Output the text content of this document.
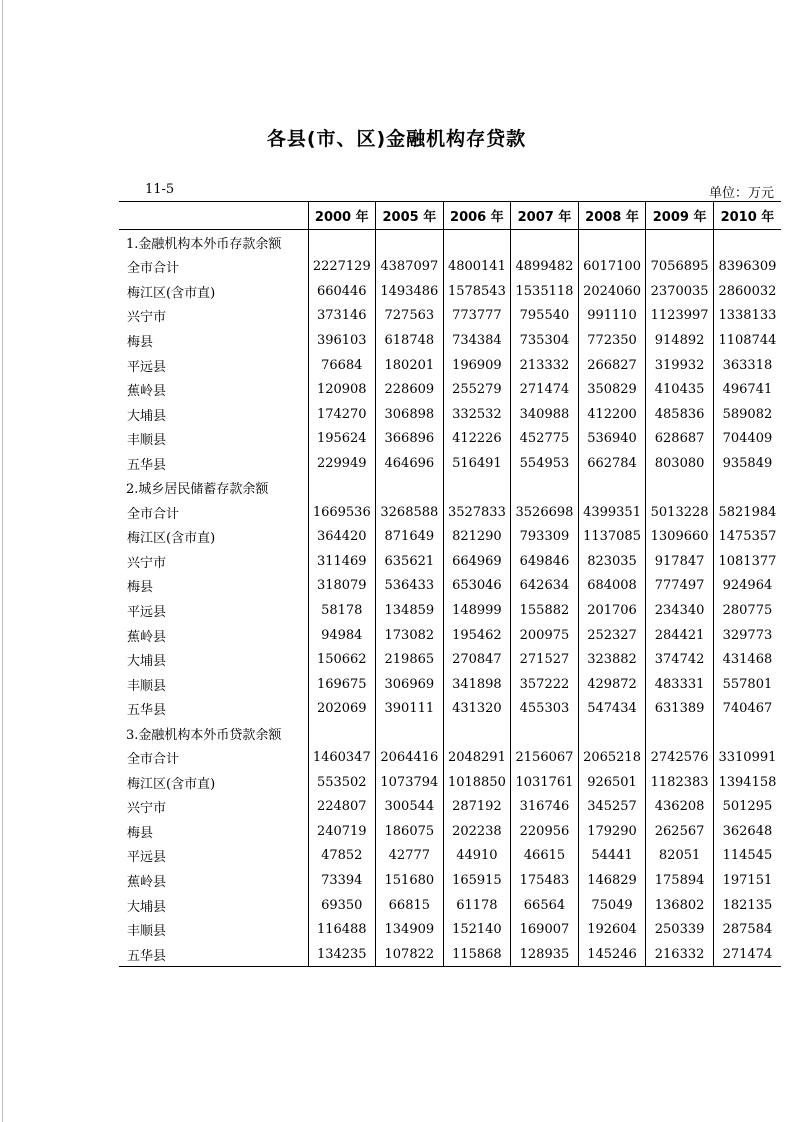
各县(市、区)金融机构存贷款
11-5	单位：万元
	2000 年	2005 年	2006 年	2007 年	2008 年	2009 年	2010 年
1.金融机构本外币存款余额							
全市合计	2227129	4387097	4800141	4899482	6017100	7056895	8396309
梅江区(含市直)	660446	1493486	1578543	1535118	2024060	2370035	2860032
兴宁市	373146	727563	773777	795540	991110	1123997	1338133
梅县	396103	618748	734384	735304	772350	914892	1108744
平远县	76684	180201	196909	213332	266827	319932	363318
蕉岭县	120908	228609	255279	271474	350829	410435	496741
大埔县	174270	306898	332532	340988	412200	485836	589082
丰顺县	195624	366896	412226	452775	536940	628687	704409
五华县	229949	464696	516491	554953	662784	803080	935849
2.城乡居民储蓄存款余额							
全市合计	1669536	3268588	3527833	3526698	4399351	5013228	5821984
梅江区(含市直)	364420	871649	821290	793309	1137085	1309660	1475357
兴宁市	311469	635621	664969	649846	823035	917847	1081377
梅县	318079	536433	653046	642634	684008	777497	924964
平远县	58178	134859	148999	155882	201706	234340	280775
蕉岭县	94984	173082	195462	200975	252327	284421	329773
大埔县	150662	219865	270847	271527	323882	374742	431468
丰顺县	169675	306969	341898	357222	429872	483331	557801
五华县	202069	390111	431320	455303	547434	631389	740467
3.金融机构本外币贷款余额							
全市合计	1460347	2064416	2048291	2156067	2065218	2742576	3310991
梅江区(含市直)	553502	1073794	1018850	1031761	926501	1182383	1394158
兴宁市	224807	300544	287192	316746	345257	436208	501295
梅县	240719	186075	202238	220956	179290	262567	362648
平远县	47852	42777	44910	46615	54441	82051	114545
蕉岭县	73394	151680	165915	175483	146829	175894	197151
大埔县	69350	66815	61178	66564	75049	136802	182135
丰顺县	116488	134909	152140	169007	192604	250339	287584
五华县	134235	107822	115868	128935	145246	216332	271474
